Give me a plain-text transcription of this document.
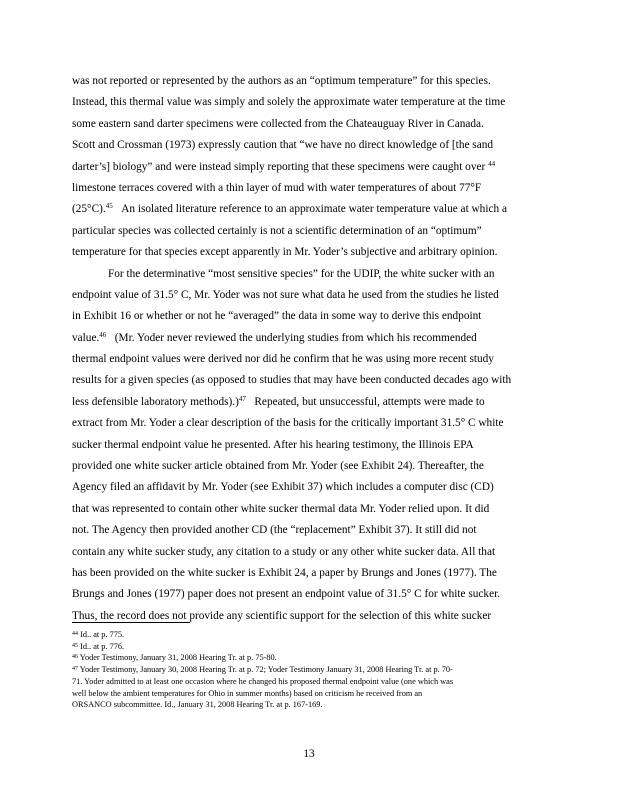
was not reported or represented by the authors as an “optimum temperature” for this species.
Instead, this thermal value was simply and solely the approximate water temperature at the time
some eastern sand darter specimens were collected from the Chateauguay River in Canada.
Scott and Crossman (1973) expressly caution that “we have no direct knowledge of [the sand
darter’s] biology” and were instead simply reporting that these specimens were caught over $^{44}$
limestone terraces covered with a thin layer of mud with water temperatures of about 77°F
(25°C).$^{45}$ An isolated literature reference to an approximate water temperature value at which a
particular species was collected certainly is not a scientific determination of an “optimum”
temperature for that species except apparently in Mr. Yoder’s subjective and arbitrary opinion.
For the determinative “most sensitive species” for the UDIP, the white sucker with an
endpoint value of 31.5° C, Mr. Yoder was not sure what data he used from the studies he listed
in Exhibit 16 or whether or not he “averaged” the data in some way to derive this endpoint
value.$^{46}$ (Mr. Yoder never reviewed the underlying studies from which his recommended
thermal endpoint values were derived nor did he confirm that he was using more recent study
results for a given species (as opposed to studies that may have been conducted decades ago with
less defensible laboratory methods).)$^{47}$ Repeated, but unsuccessful, attempts were made to
extract from Mr. Yoder a clear description of the basis for the critically important 31.5° C white
sucker thermal endpoint value he presented. After his hearing testimony, the Illinois EPA
provided one white sucker article obtained from Mr. Yoder (see Exhibit 24). Thereafter, the
Agency filed an affidavit by Mr. Yoder (see Exhibit 37) which includes a computer disc (CD)
that was represented to contain other white sucker thermal data Mr. Yoder relied upon. It did
not. The Agency then provided another CD (the “replacement” Exhibit 37). It still did not
contain any white sucker study, any citation to a study or any other white sucker data. All that
has been provided on the white sucker is Exhibit 24, a paper by Brungs and Jones (1977). The
Brungs and Jones (1977) paper does not present an endpoint value of 31.5° C for white sucker.
Thus, the record does not provide any scientific support for the selection of this white sucker
$^{44}$ Id.. at p. 775.
$^{45}$ Id.. at p. 776.
$^{46}$ Yoder Testimony, January 31, 2008 Hearing Tr. at p. 75-80.
$^{47}$ Yoder Testimony, January 30, 2008 Hearing Tr. at p. 72; Yoder Testimony January 31, 2008 Hearing Tr. at p. 70-
71. Yoder admitted to at least one occasion where he changed his proposed thermal endpoint value (one which was
well below the ambient temperatures for Ohio in summer months) based on criticism he received from an
ORSANCO subcommittee. Id., January 31, 2008 Hearing Tr. at p. 167-169.
13
